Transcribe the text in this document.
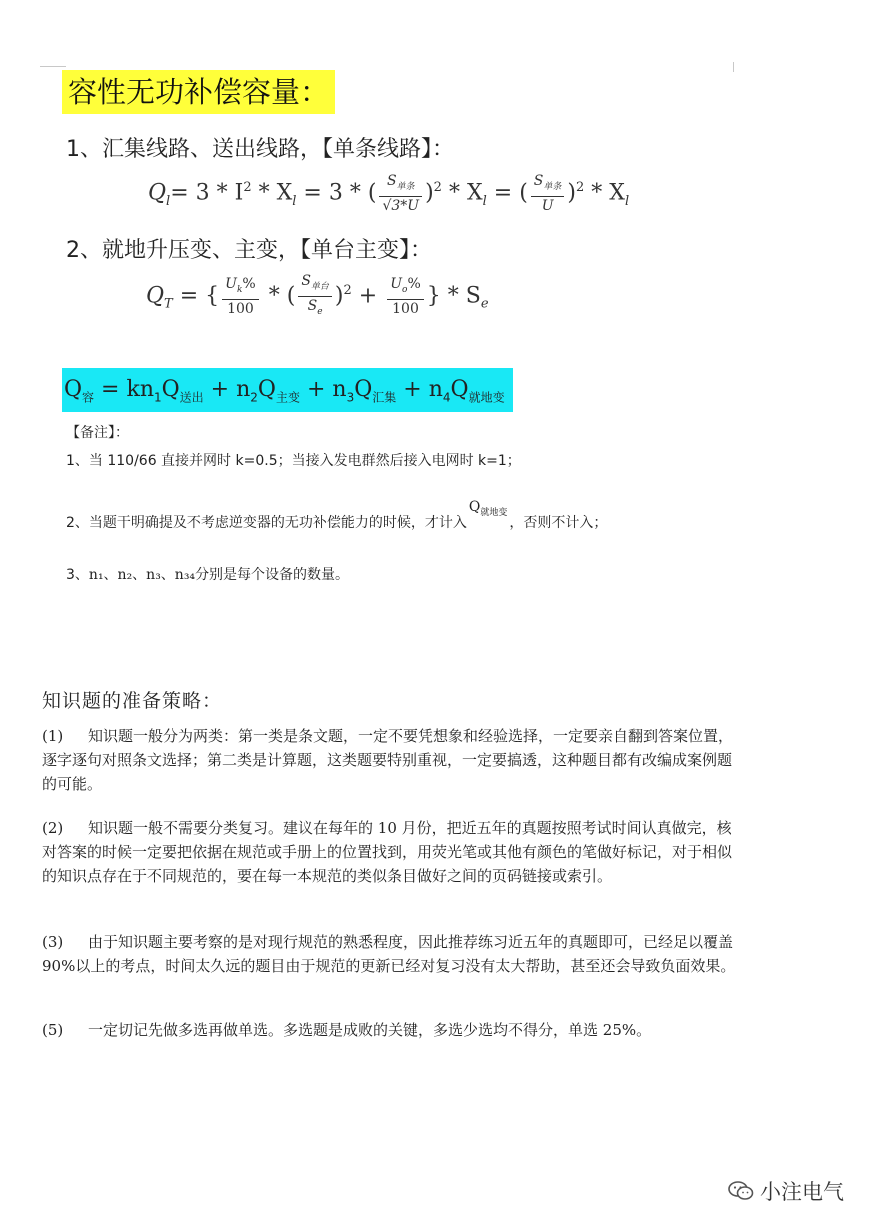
容性无功补偿容量：
1、汇集线路、送出线路，【单条线路】：
$Q_l= 3 * I^2 * X_l = 3$ * ( $\frac{S_{单条}}{√3*U} )^2 * X_l$ = ( $\frac{S_{单条}}{U} )^2 * X_l$
2、就地升压变、主变，【单台主变】：
$Q_T$ = { $\frac{U_k\%}{100}$ * ( $\frac{S_{单台}}{S_e} )^2 + \frac{U_o\%}{100}$ } * $S_e$
$Q_容 = kn_1Q_{送出} + n_2Q_{主变} + n_3Q_{汇集} + n_4Q_{就地变}$
【备注】：
1、当 110/66 直接并网时 k=0.5；当接入发电群然后接入电网时 k=1；
2、当题干明确提及不考虑逆变器的无功补偿能力的时候，才计入$Q_{就地变}$，否则不计入；
3、n₁、n₂、n₃、n₃₄分别是每个设备的数量。
知识题的准备策略：
(1) 知识题一般分为两类：第一类是条文题，一定不要凭想象和经验选择，一定要亲自翻到答案位置，逐字逐句对照条文选择；第二类是计算题，这类题要特别重视，一定要搞透，这种题目都有改编成案例题的可能。
(2) 知识题一般不需要分类复习。建议在每年的 10 月份，把近五年的真题按照考试时间认真做完，核对答案的时候一定要把依据在规范或手册上的位置找到，用荧光笔或其他有颜色的笔做好标记，对于相似的知识点存在于不同规范的，要在每一本规范的类似条目做好之间的页码链接或索引。
(3) 由于知识题主要考察的是对现行规范的熟悉程度，因此推荐练习近五年的真题即可，已经足以覆盖 90%以上的考点，时间太久远的题目由于规范的更新已经对复习没有太大帮助，甚至还会导致负面效果。
(5) 一定切记先做多选再做单选。多选题是成败的关键，多选少选均不得分，单选 25%。
小注电气
